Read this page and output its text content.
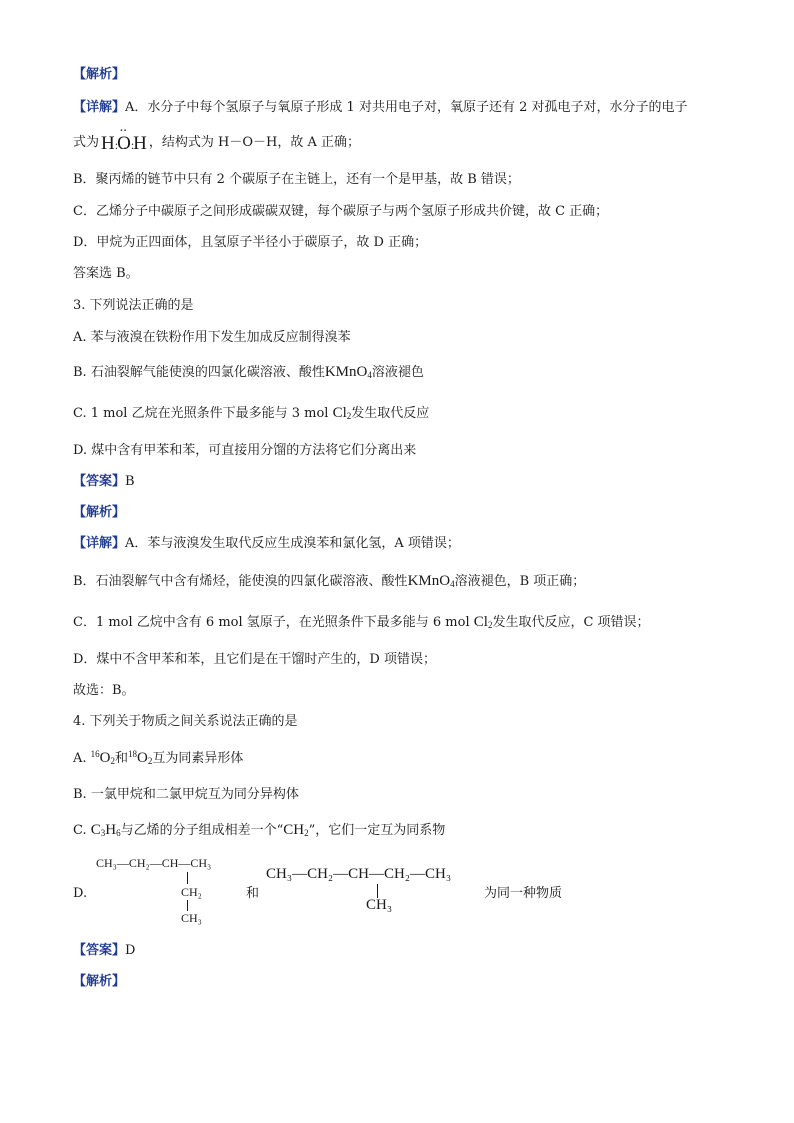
【解析】
【详解】A．水分子中每个氢原子与氧原子形成 1 对共用电子对，氧原子还有 2 对孤电子对，水分子的电子
式为 H:·· O ··:H ，结构式为 H－O－H，故 A 正确；
B．聚丙烯的链节中只有 2 个碳原子在主链上，还有一个是甲基，故 B 错误；
C．乙烯分子中碳原子之间形成碳碳双键，每个碳原子与两个氢原子形成共价键，故 C 正确；
D．甲烷为正四面体，且氢原子半径小于碳原子，故 D 正确；
答案选 B。
3. 下列说法正确的是
A. 苯与液溴在铁粉作用下发生加成反应制得溴苯
B. 石油裂解气能使溴的四氯化碳溶液、酸性KMnO$_4$溶液褪色
C. 1 mol 乙烷在光照条件下最多能与 3 mol $Cl_2$发生取代反应
D. 煤中含有甲苯和苯，可直接用分馏的方法将它们分离出来
【答案】B
【解析】
【详解】A．苯与液溴发生取代反应生成溴苯和氯化氢，A 项错误；
B．石油裂解气中含有烯烃，能使溴的四氯化碳溶液、酸性KMnO$_4$溶液褪色，B 项正确；
C．1 mol 乙烷中含有 6 mol 氢原子，在光照条件下最多能与 6 mol $Cl_2$发生取代反应，C 项错误；
D．煤中不含甲苯和苯，且它们是在干馏时产生的，D 项错误；
故选：B。
4. 下列关于物质之间关系说法正确的是
A. $^{16}O_2$和$^{18}O_2$互为同素异形体
B. 一氯甲烷和二氯甲烷互为同分异构体
C. $C_3H_6$与乙烯的分子组成相差一个“$CH_2$”，它们一定互为同系物
D.
CH₃—CH₂—CH—CH₃
CH₂
CH₃
和
CH₃—CH₂—CH—CH₂—CH₃
CH₃
为同一种物质
【答案】D
【解析】
